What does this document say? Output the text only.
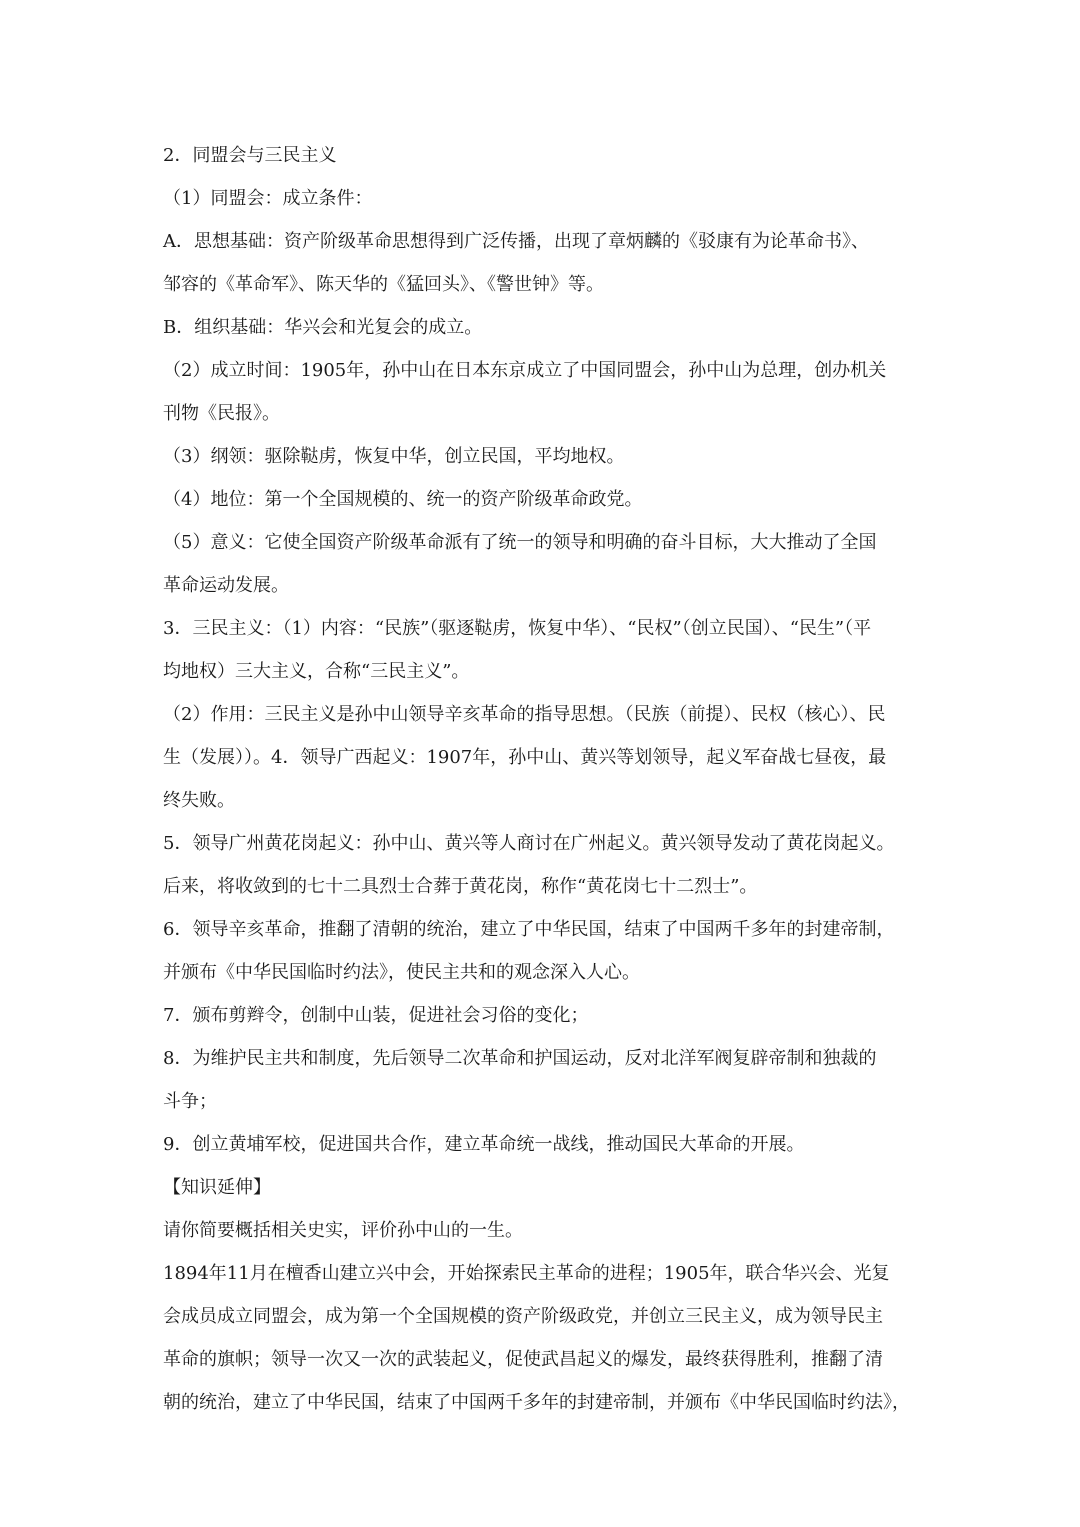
2．同盟会与三民主义
（1）同盟会：成立条件：
A．思想基础：资产阶级革命思想得到广泛传播，出现了章炳麟的《驳康有为论革命书》、
邹容的《革命军》、陈天华的《猛回头》、《警世钟》等。
B．组织基础：华兴会和光复会的成立。
（2）成立时间：1905年，孙中山在日本东京成立了中国同盟会，孙中山为总理，创办机关
刊物《民报》。
（3）纲领：驱除鞑虏，恢复中华，创立民国，平均地权。
（4）地位：第一个全国规模的、统一的资产阶级革命政党。
（5）意义：它使全国资产阶级革命派有了统一的领导和明确的奋斗目标，大大推动了全国
革命运动发展。
3．三民主义：（1）内容：“民族”（驱逐鞑虏，恢复中华）、“民权”（创立民国）、“民生”（平
均地权）三大主义，合称“三民主义”。
（2）作用：三民主义是孙中山领导辛亥革命的指导思想。（民族（前提）、民权（核心）、民
生（发展））。4．领导广西起义：1907年，孙中山、黄兴等划领导，起义军奋战七昼夜，最
终失败。
5．领导广州黄花岗起义：孙中山、黄兴等人商讨在广州起义。黄兴领导发动了黄花岗起义。
后来，将收敛到的七十二具烈士合葬于黄花岗，称作“黄花岗七十二烈士”。
6．领导辛亥革命，推翻了清朝的统治，建立了中华民国，结束了中国两千多年的封建帝制，
并颁布《中华民国临时约法》，使民主共和的观念深入人心。
7．颁布剪辫令，创制中山装，促进社会习俗的变化；
8．为维护民主共和制度，先后领导二次革命和护国运动，反对北洋军阀复辟帝制和独裁的
斗争；
9．创立黄埔军校，促进国共合作，建立革命统一战线，推动国民大革命的开展。
【知识延伸】
请你简要概括相关史实，评价孙中山的一生。
1894年11月在檀香山建立兴中会，开始探索民主革命的进程；1905年，联合华兴会、光复
会成员成立同盟会，成为第一个全国规模的资产阶级政党，并创立三民主义，成为领导民主
革命的旗帜；领导一次又一次的武装起义，促使武昌起义的爆发，最终获得胜利，推翻了清
朝的统治，建立了中华民国，结束了中国两千多年的封建帝制，并颁布《中华民国临时约法》，
